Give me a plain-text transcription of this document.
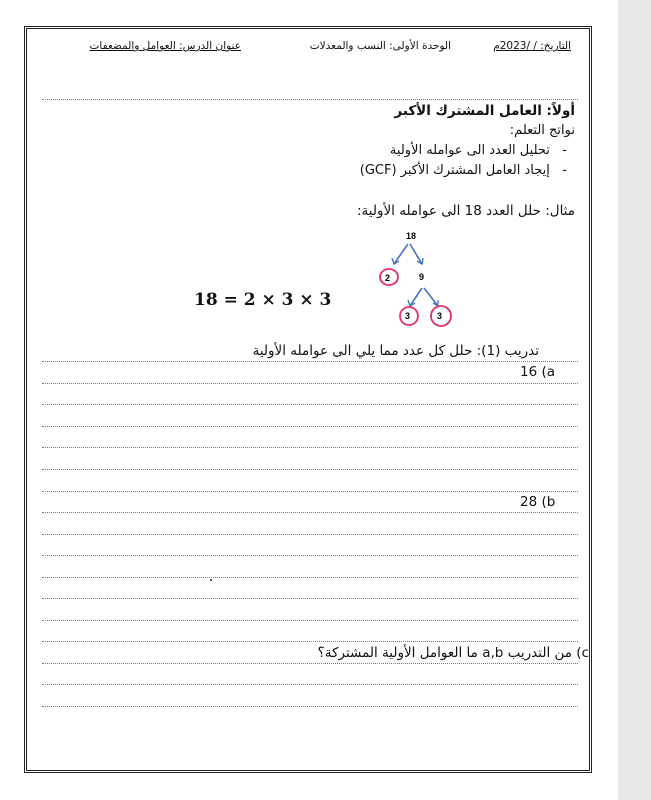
التاريخ: / /2023م
الوحدة الأولى: النسب والمعدلات
عنوان الدرس: العوامل والمضعفات
أولاً: العامل المشترك الأكبر
نواتج التعلم:
-   تحليل العدد الى عوامله الأولية
-   إيجاد العامل المشترك الأكبر (GCF)
مثال: حلل العدد 18 الى عوامله الأولية:
18
2	9
3	3
18 = 2 × 3 × 3
تدريب (1): حلل كل عدد مما يلي الى عوامله الأولية
16 (a
28 (b
c) من التدريب a,b ما العوامل الأولية المشتركة؟
